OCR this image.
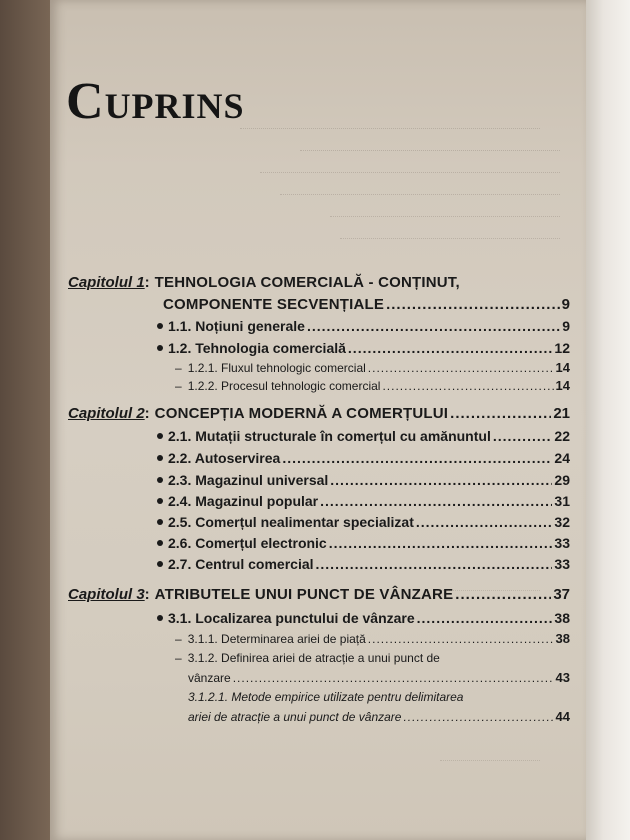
CUPRINS
Capitolul 1 : TEHNOLOGIA COMERCIALĂ - CONȚINUT,
COMPONENTE SECVENȚIALE .....	9
1.1. Noțiuni generale .....	9
1.2. Tehnologia comercială .....	12
– 1.2.1. Fluxul tehnologic comercial .....	14
– 1.2.2. Procesul tehnologic comercial .....	14
Capitolul 2: CONCEPȚIA MODERNĂ A COMERȚULUI .....	21
2.1. Mutații structurale în comerțul cu amănuntul .....	22
2.2. Autoservirea .....	24
2.3. Magazinul universal .....	29
2.4. Magazinul popular .....	31
2.5. Comerțul nealimentar specializat .....	32
2.6. Comerțul electronic .....	33
2.7. Centrul comercial .....	33
Capitolul 3: ATRIBUTELE UNUI PUNCT DE VÂNZARE .....	37
3.1. Localizarea punctului de vânzare .....	38
– 3.1.1. Determinarea ariei de piață .....	38
– 3.1.2. Definirea ariei de atracție a unui punct de
vânzare .....	43
3.1.2.1. Metode empirice utilizate pentru delimitarea
ariei de atracție a unui punct de vânzare .....	44
